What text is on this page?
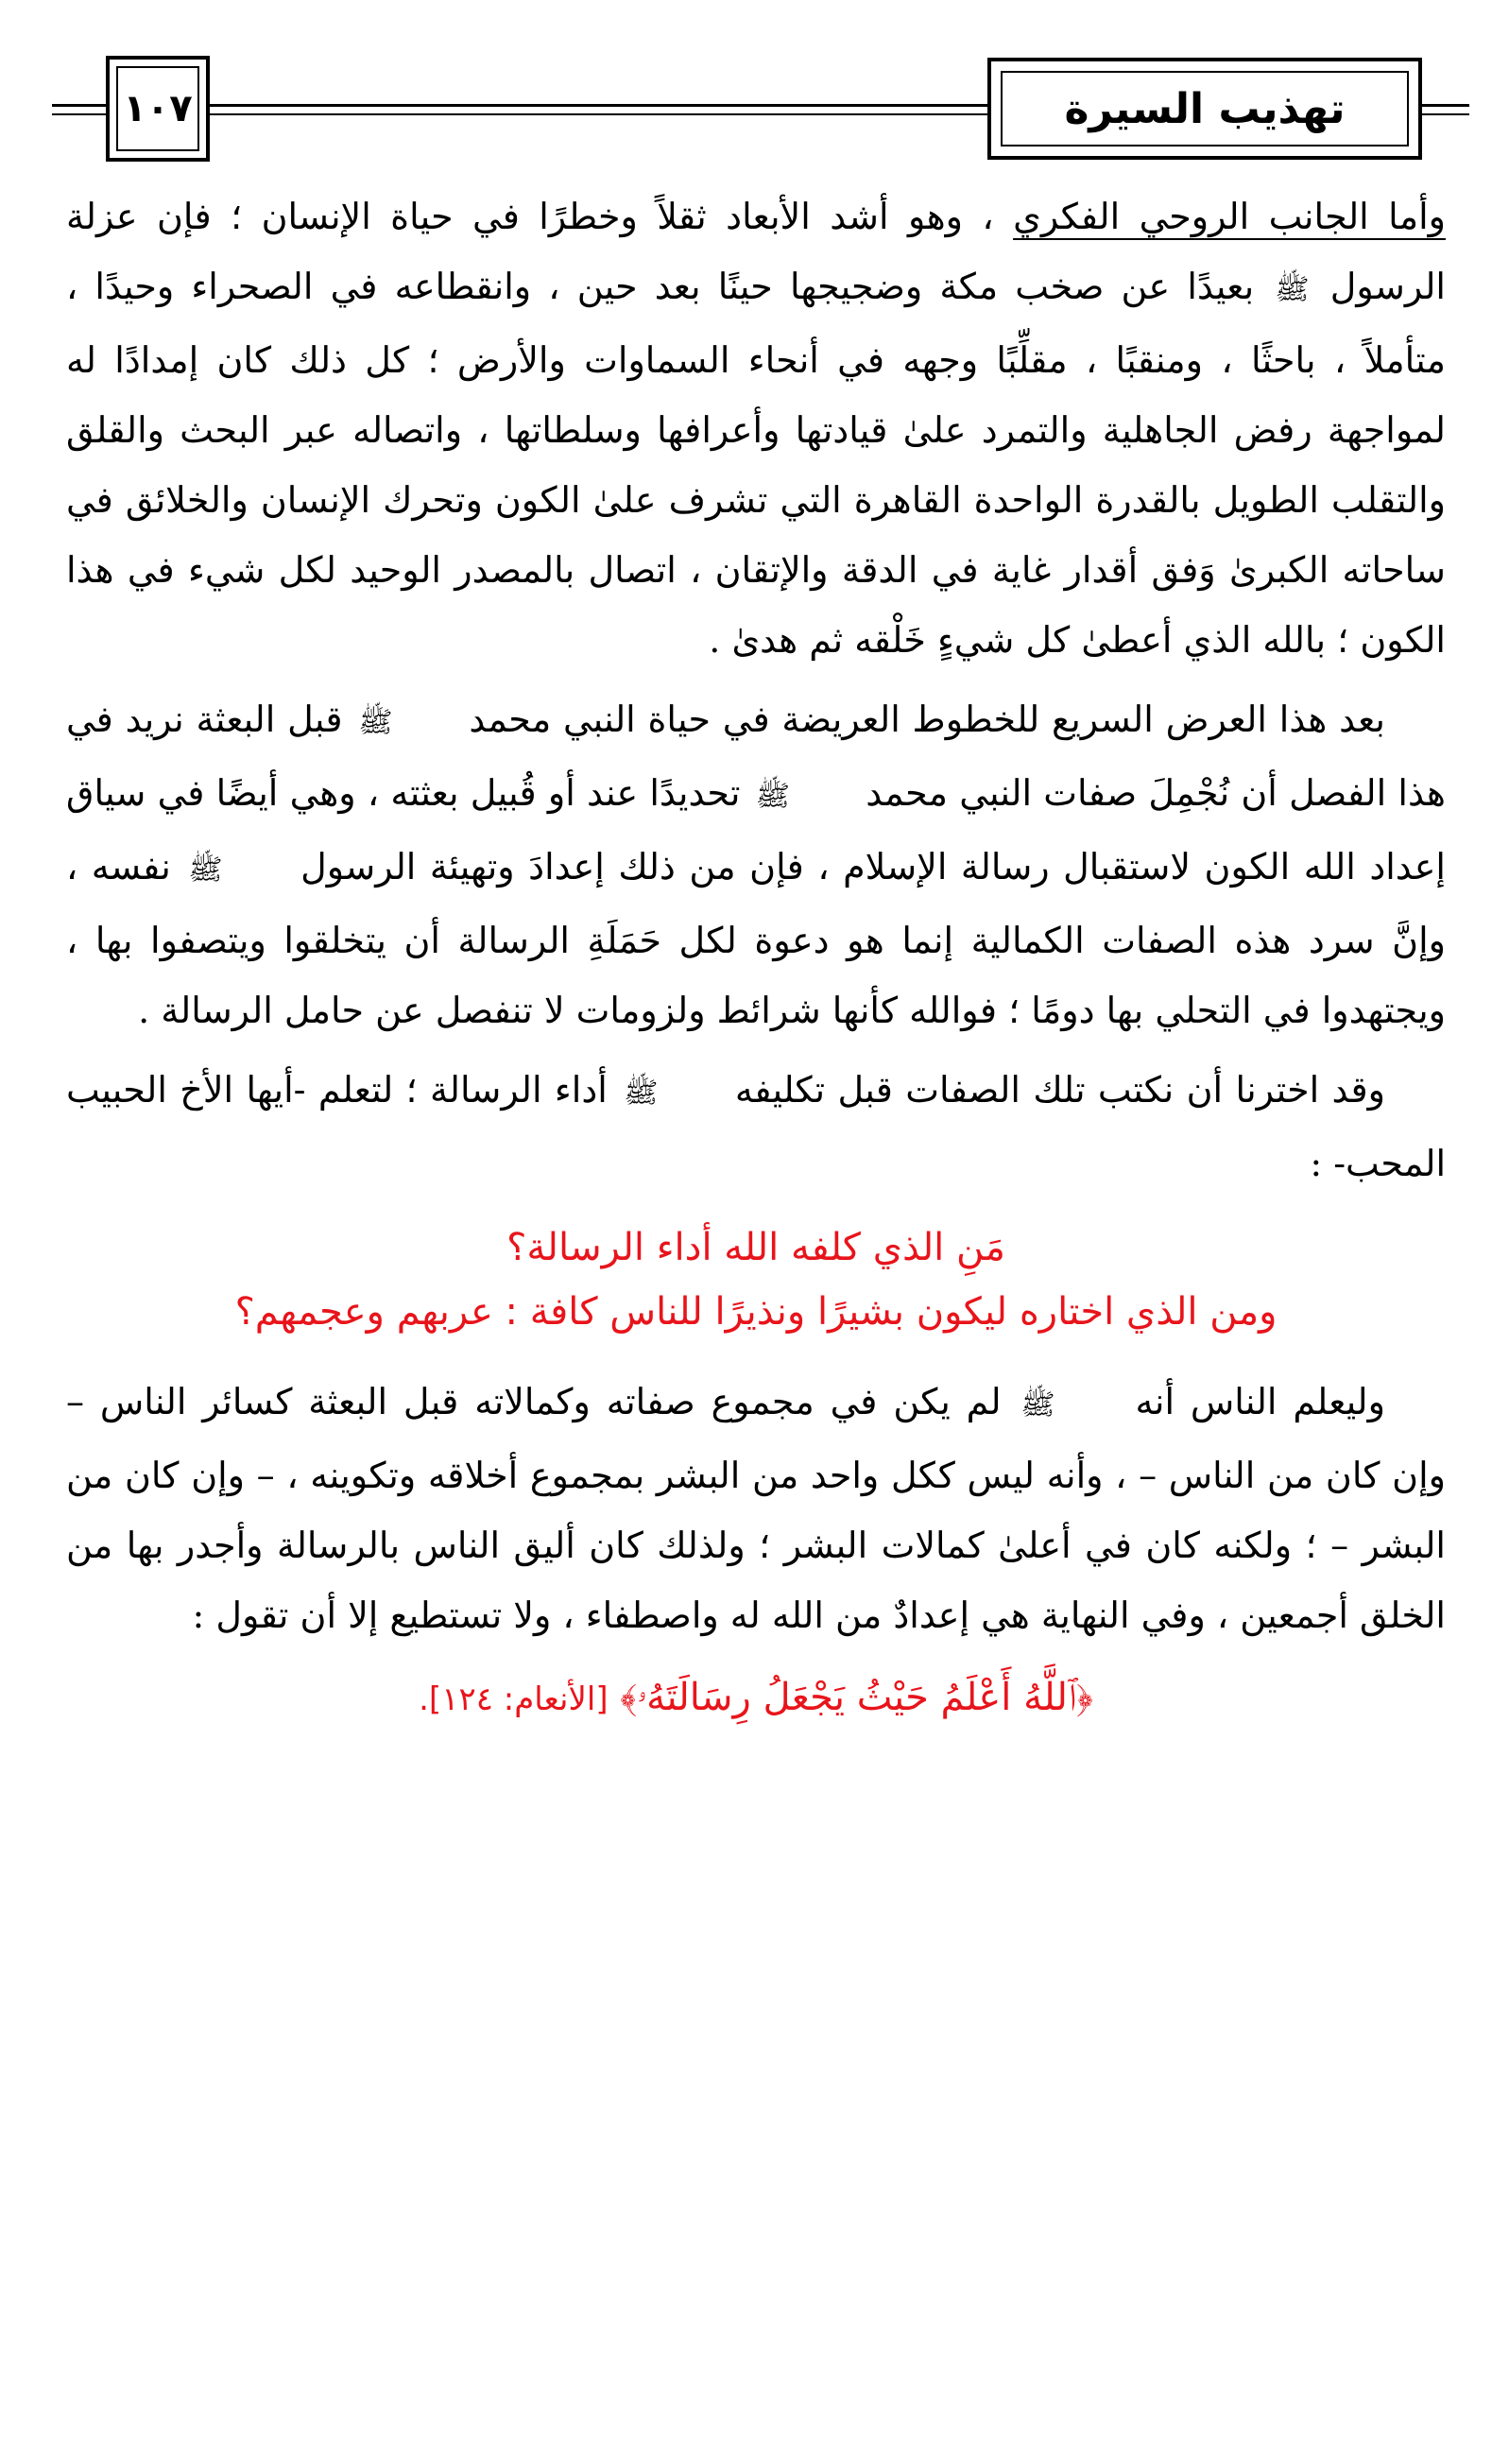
١٠٧	تهذيب السيرة

وأما الجانب الروحي الفكري ، وهو أشد الأبعاد ثقلاً وخطرًا في حياة الإنسان ؛ فإن عزلة الرسول ﷺ بعيدًا عن صخب مكة وضجيجها حينًا بعد حين ، وانقطاعه في الصحراء وحيدًا ، متأملاً ، باحثًا ، ومنقبًا ، مقلِّبًا وجهه في أنحاء السماوات والأرض ؛ كل ذلك كان إمدادًا له لمواجهة رفض الجاهلية والتمرد علىٰ قيادتها وأعرافها وسلطاتها ، واتصاله عبر البحث والقلق والتقلب الطويل بالقدرة الواحدة القاهرة التي تشرف علىٰ الكون وتحرك الإنسان والخلائق في ساحاته الكبرىٰ وَفق أقدار غاية في الدقة والإتقان ، اتصال بالمصدر الوحيد لكل شيء في هذا الكون ؛ بالله الذي أعطىٰ كل شيءٍ خَلْقه ثم هدىٰ .

بعد هذا العرض السريع للخطوط العريضة في حياة النبي محمد ﷺ قبل البعثة نريد في هذا الفصل أن نُجْمِلَ صفات النبي محمد ﷺ تحديدًا عند أو قُبيل بعثته ، وهي أيضًا في سياق إعداد الله الكون لاستقبال رسالة الإسلام ، فإن من ذلك إعدادَ وتهيئة الرسول ﷺ نفسه ، وإنَّ سرد هذه الصفات الكمالية إنما هو دعوة لكل حَمَلَةِ الرسالة أن يتخلقوا ويتصفوا بها ، ويجتهدوا في التحلي بها دومًا ؛ فوالله كأنها شرائط ولزومات لا تنفصل عن حامل الرسالة .

وقد اخترنا أن نكتب تلك الصفات قبل تكليفه ﷺ أداء الرسالة ؛ لتعلم -أيها الأخ الحبيب المحب- :

مَنِ الذي كلفه الله أداء الرسالة؟
ومن الذي اختاره ليكون بشيرًا ونذيرًا للناس كافة : عربهم وعجمهم؟

وليعلم الناس أنه ﷺ لم يكن في مجموع صفاته وكمالاته قبل البعثة كسائر الناس – وإن كان من الناس – ، وأنه ليس ككل واحد من البشر بمجموع أخلاقه وتكوينه ، – وإن كان من البشر – ؛ ولكنه كان في أعلىٰ كمالات البشر ؛ ولذلك كان أليق الناس بالرسالة وأجدر بها من الخلق أجمعين ، وفي النهاية هي إعدادٌ من الله له واصطفاء ، ولا تستطيع إلا أن تقول :

﴿ٱللَّهُ أَعْلَمُ حَيْثُ يَجْعَلُ رِسَالَتَهُۥ﴾ [الأنعام: ١٢٤].
